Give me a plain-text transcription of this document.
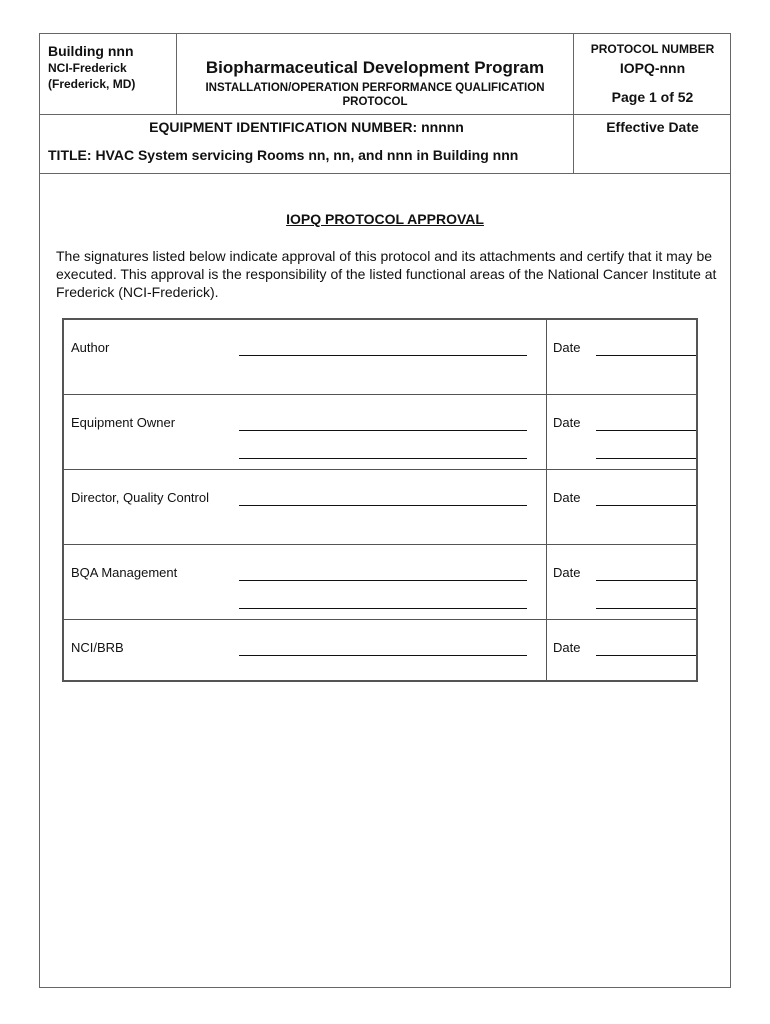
Building nnn
NCI-Frederick
(Frederick, MD)
Biopharmaceutical Development Program
INSTALLATION/OPERATION PERFORMANCE QUALIFICATION PROTOCOL
PROTOCOL NUMBER
IOPQ-nnn
Page 1 of 52
Effective Date
EQUIPMENT IDENTIFICATION NUMBER: nnnnn
TITLE: HVAC System servicing Rooms nn, nn, and nnn in Building nnn
IOPQ PROTOCOL APPROVAL
The signatures listed below indicate approval of this protocol and its attachments and certify that it may be executed. This approval is the responsibility of the listed functional areas of the National Cancer Institute at Frederick (NCI-Frederick).
Author	Date
Equipment Owner	Date
Director, Quality Control	Date
BQA Management	Date
NCI/BRB	Date
